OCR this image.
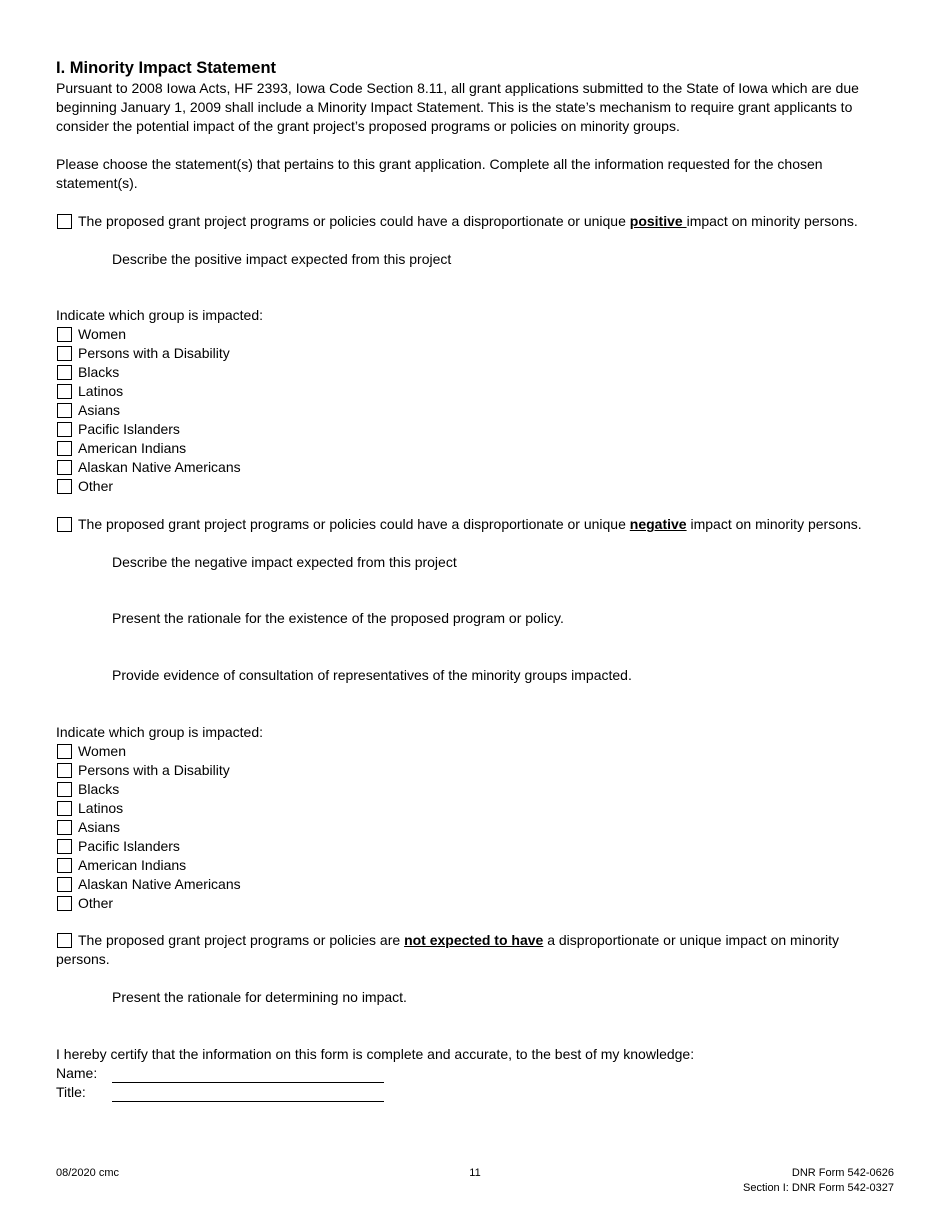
I. Minority Impact Statement
Pursuant to 2008 Iowa Acts, HF 2393, Iowa Code Section 8.11, all grant applications submitted to the State of Iowa which are due beginning January 1, 2009 shall include a Minority Impact Statement. This is the state’s mechanism to require grant applicants to consider the potential impact of the grant project’s proposed programs or policies on minority groups.
Please choose the statement(s) that pertains to this grant application. Complete all the information requested for the chosen statement(s).
The proposed grant project programs or policies could have a disproportionate or unique positive impact on minority persons.
Describe the positive impact expected from this project
Indicate which group is impacted:
Women
Persons with a Disability
Blacks
Latinos
Asians
Pacific Islanders
American Indians
Alaskan Native Americans
Other
The proposed grant project programs or policies could have a disproportionate or unique negative impact on minority persons.
Describe the negative impact expected from this project
Present the rationale for the existence of the proposed program or policy.
Provide evidence of consultation of representatives of the minority groups impacted.
Indicate which group is impacted:
Women
Persons with a Disability
Blacks
Latinos
Asians
Pacific Islanders
American Indians
Alaskan Native Americans
Other
The proposed grant project programs or policies are not expected to have a disproportionate or unique impact on minority persons.
Present the rationale for determining no impact.
I hereby certify that the information on this form is complete and accurate, to the best of my knowledge:
Name:
Title:
08/2020 cmc	11	DNR Form 542-0626
Section I: DNR Form 542-0327
